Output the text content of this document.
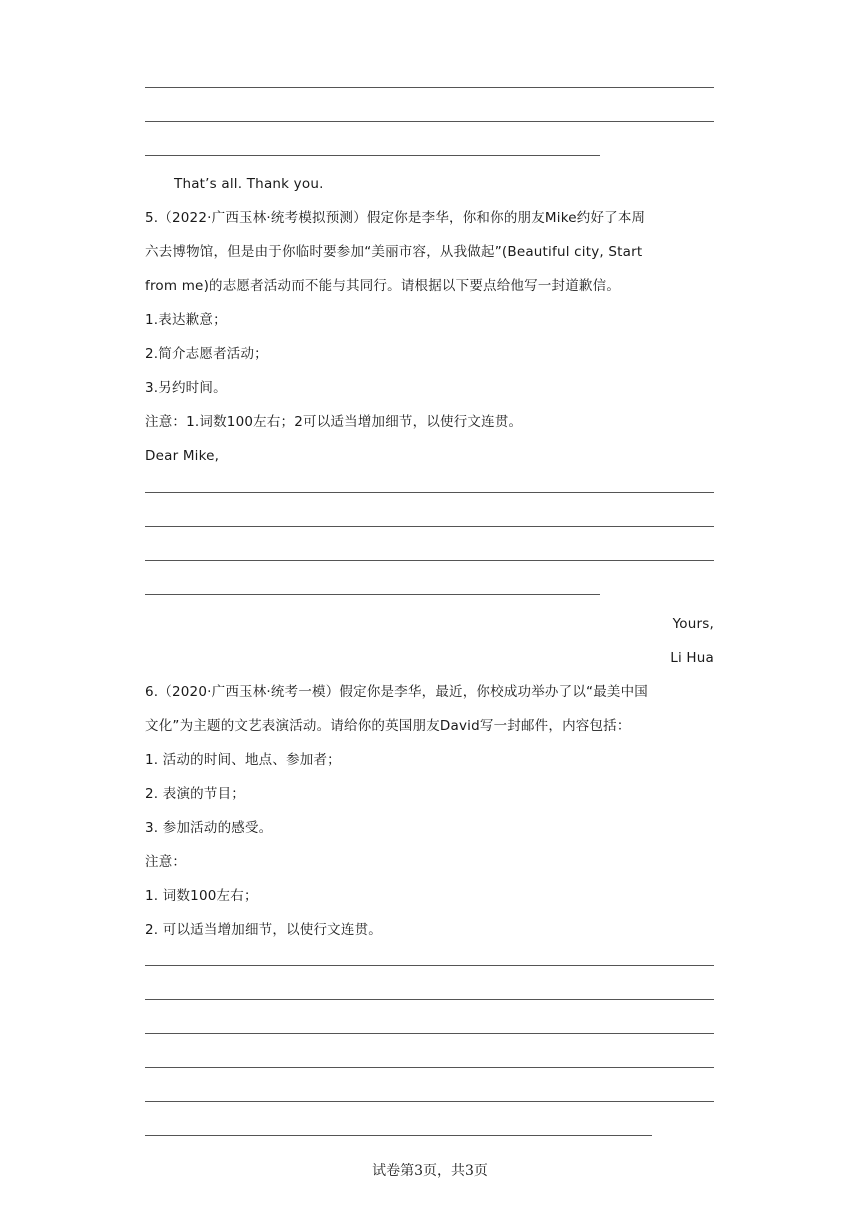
That’s all. Thank you.
5.（2022·广西玉林·统考模拟预测）假定你是李华，你和你的朋友Mike约好了本周
六去博物馆，但是由于你临时要参加“美丽市容，从我做起”(Beautiful city, Start
from me)的志愿者活动而不能与其同行。请根据以下要点给他写一封道歉信。
1.表达歉意；
2.简介志愿者活动；
3.另约时间。
注意：1.词数100左右；2可以适当增加细节，以使行文连贯。
Dear Mike,
Yours,
Li Hua
6.（2020·广西玉林·统考一模）假定你是李华，最近，你校成功举办了以“最美中国
文化”为主题的文艺表演活动。请给你的英国朋友David写一封邮件，内容包括：
1. 活动的时间、地点、参加者；
2. 表演的节目；
3. 参加活动的感受。
注意：
1. 词数100左右；
2. 可以适当增加细节，以使行文连贯。
试卷第3页，共3页
